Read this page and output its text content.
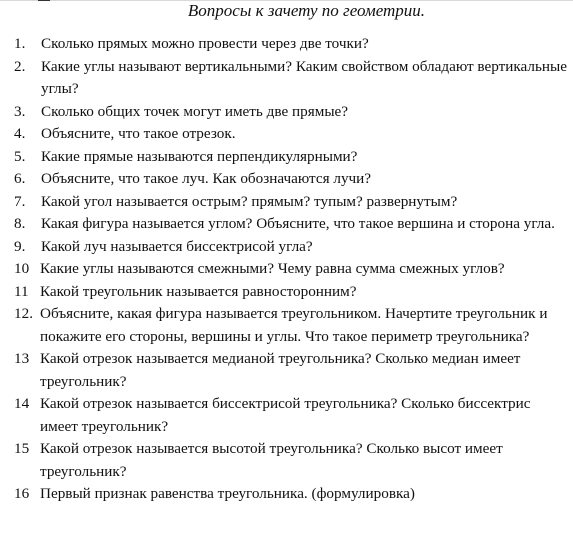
Вопросы к зачету по геометрии.
1.	Сколько прямых можно провести через две точки?
2.	Какие углы называют вертикальными? Каким свойством обладают вертикальные углы?
3.	Сколько общих точек могут иметь две прямые?
4.	Объясните, что такое отрезок.
5.	Какие прямые называются перпендикулярными?
6.	Объясните, что такое луч. Как обозначаются лучи?
7.	Какой угол называется острым? прямым? тупым? развернутым?
8.	Какая фигура называется углом? Объясните, что такое вершина и сторона угла.
9.	Какой луч называется биссектрисой угла?
10 Какие углы называются смежными? Чему равна сумма смежных углов?
11 Какой треугольник называется равносторонним?
12. Объясните, какая фигура называется треугольником. Начертите треугольник и покажите его стороны, вершины и углы. Что такое периметр треугольника?
13 Какой отрезок называется медианой треугольника? Сколько медиан имеет треугольник?
14 Какой отрезок называется биссектрисой треугольника? Сколько биссектрис имеет треугольник?
15 Какой отрезок называется высотой треугольника? Сколько высот имеет треугольник?
16 Первый признак равенства треугольника. (формулировка)
